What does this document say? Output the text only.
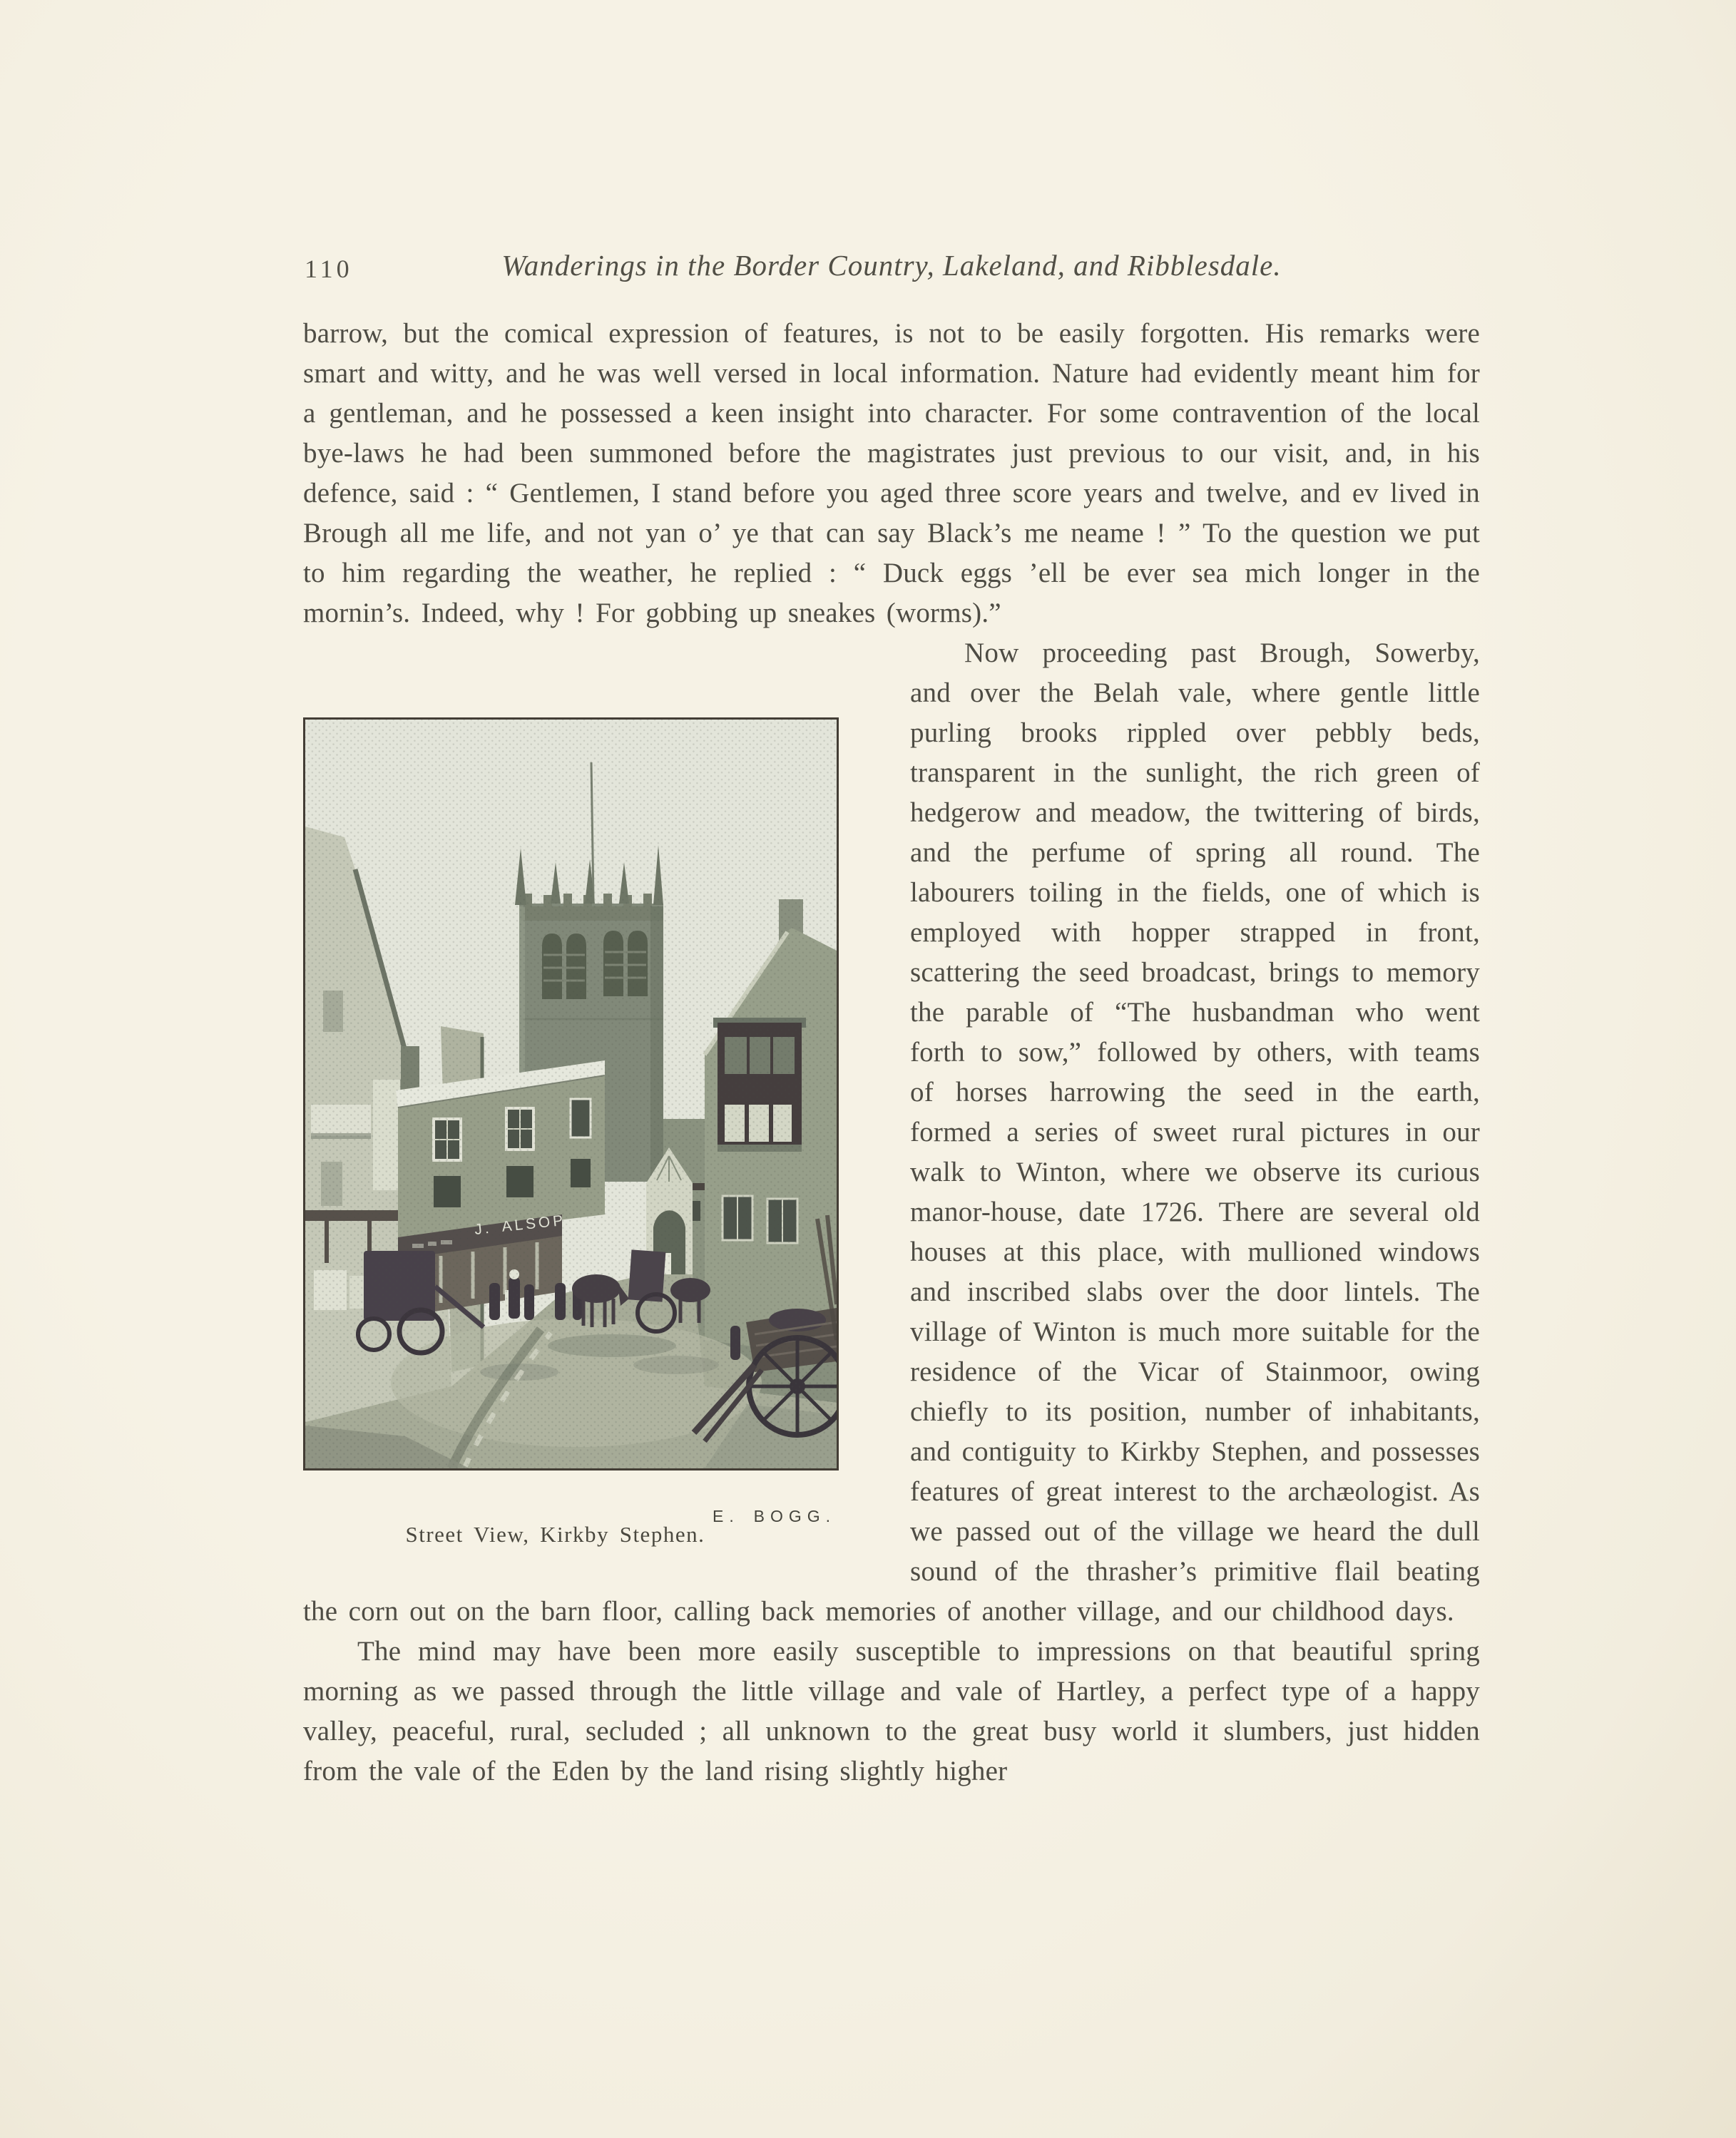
110	Wanderings in the Border Country, Lakeland, and Ribblesdale.

barrow, but the comical expression of features, is not to be easily forgotten. His remarks were smart and witty, and he was well versed in local information. Nature had evidently meant him for a gentleman, and he possessed a keen insight into character. For some contravention of the local bye-laws he had been summoned before the magistrates just previous to our visit, and, in his defence, said : “ Gentlemen, I stand before you aged three score years and twelve, and ev lived in Brough all me life, and not yan o’ ye that can say Black’s me neame ! ” To the question we put to him regarding the weather, he replied : “ Duck eggs ’ell be ever sea mich longer in the mornin’s. Indeed, why ! For gobbing up sneakes (worms).”

E. BOGG.
Street View, Kirkby Stephen.
Now proceeding past Brough, Sowerby, and over the Belah vale, where gentle little purling brooks rippled over pebbly beds, transparent in the sunlight, the rich green of hedgerow and meadow, the twittering of birds, and the perfume of spring all round. The labourers toiling in the fields, one of which is employed with hopper strapped in front, scattering the seed broadcast, brings to memory the parable of “The husbandman who went forth to sow,” followed by others, with teams of horses harrowing the seed in the earth, formed a series of sweet rural pictures in our walk to Winton, where we observe its curious manor-house, date 1726. There are several old houses at this place, with mullioned windows and inscribed slabs over the door lintels. The village of Winton is much more suitable for the residence of the Vicar of Stainmoor, owing chiefly to its position, number of inhabitants, and contiguity to Kirkby Stephen, and possesses features of great interest to the archæologist. As we passed out of the village we heard the dull sound of the thrasher’s primitive flail beating the corn out on the barn floor, calling back memories of another village, and our childhood days.

The mind may have been more easily susceptible to impressions on that beautiful spring morning as we passed through the little village and vale of Hartley, a perfect type of a happy valley, peaceful, rural, secluded ; all unknown to the great busy world it slumbers, just hidden from the vale of the Eden by the land rising slightly higher
